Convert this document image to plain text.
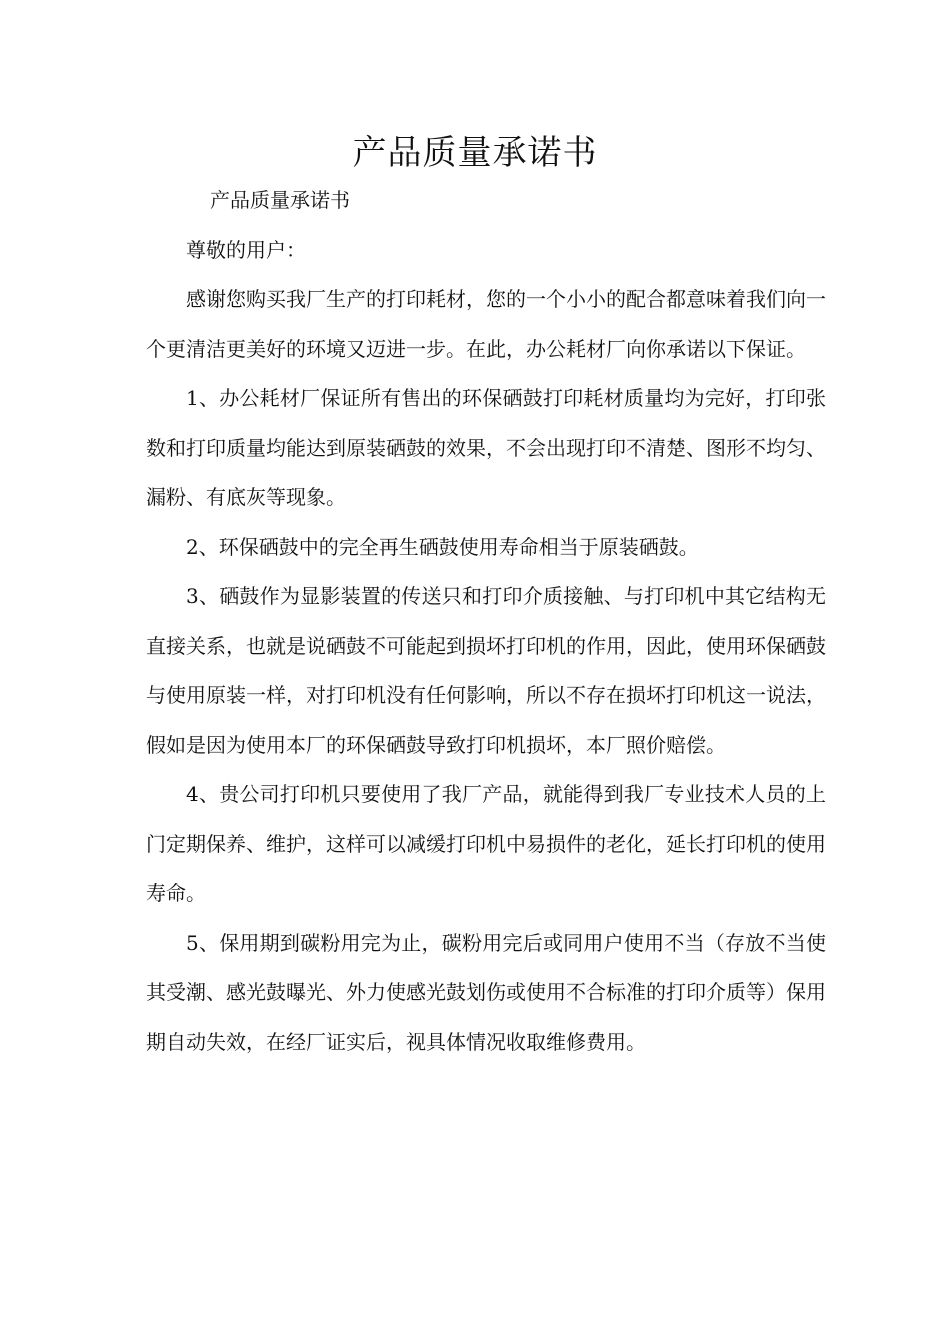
产品质量承诺书

产品质量承诺书

尊敬的用户：

感谢您购买我厂生产的打印耗材，您的一个小小的配合都意味着我们向一个更清洁更美好的环境又迈进一步。在此，办公耗材厂向你承诺以下保证。

1、办公耗材厂保证所有售出的环保硒鼓打印耗材质量均为完好，打印张数和打印质量均能达到原装硒鼓的效果，不会出现打印不清楚、图形不均匀、漏粉、有底灰等现象。

2、环保硒鼓中的完全再生硒鼓使用寿命相当于原装硒鼓。

3、硒鼓作为显影装置的传送只和打印介质接触、与打印机中其它结构无直接关系，也就是说硒鼓不可能起到损坏打印机的作用，因此，使用环保硒鼓与使用原装一样，对打印机没有任何影响，所以不存在损坏打印机这一说法，假如是因为使用本厂的环保硒鼓导致打印机损坏，本厂照价赔偿。

4、贵公司打印机只要使用了我厂产品，就能得到我厂专业技术人员的上门定期保养、维护，这样可以减缓打印机中易损件的老化，延长打印机的使用寿命。

5、保用期到碳粉用完为止，碳粉用完后或同用户使用不当（存放不当使其受潮、感光鼓曝光、外力使感光鼓划伤或使用不合标准的打印介质等）保用期自动失效，在经厂证实后，视具体情况收取维修费用。
